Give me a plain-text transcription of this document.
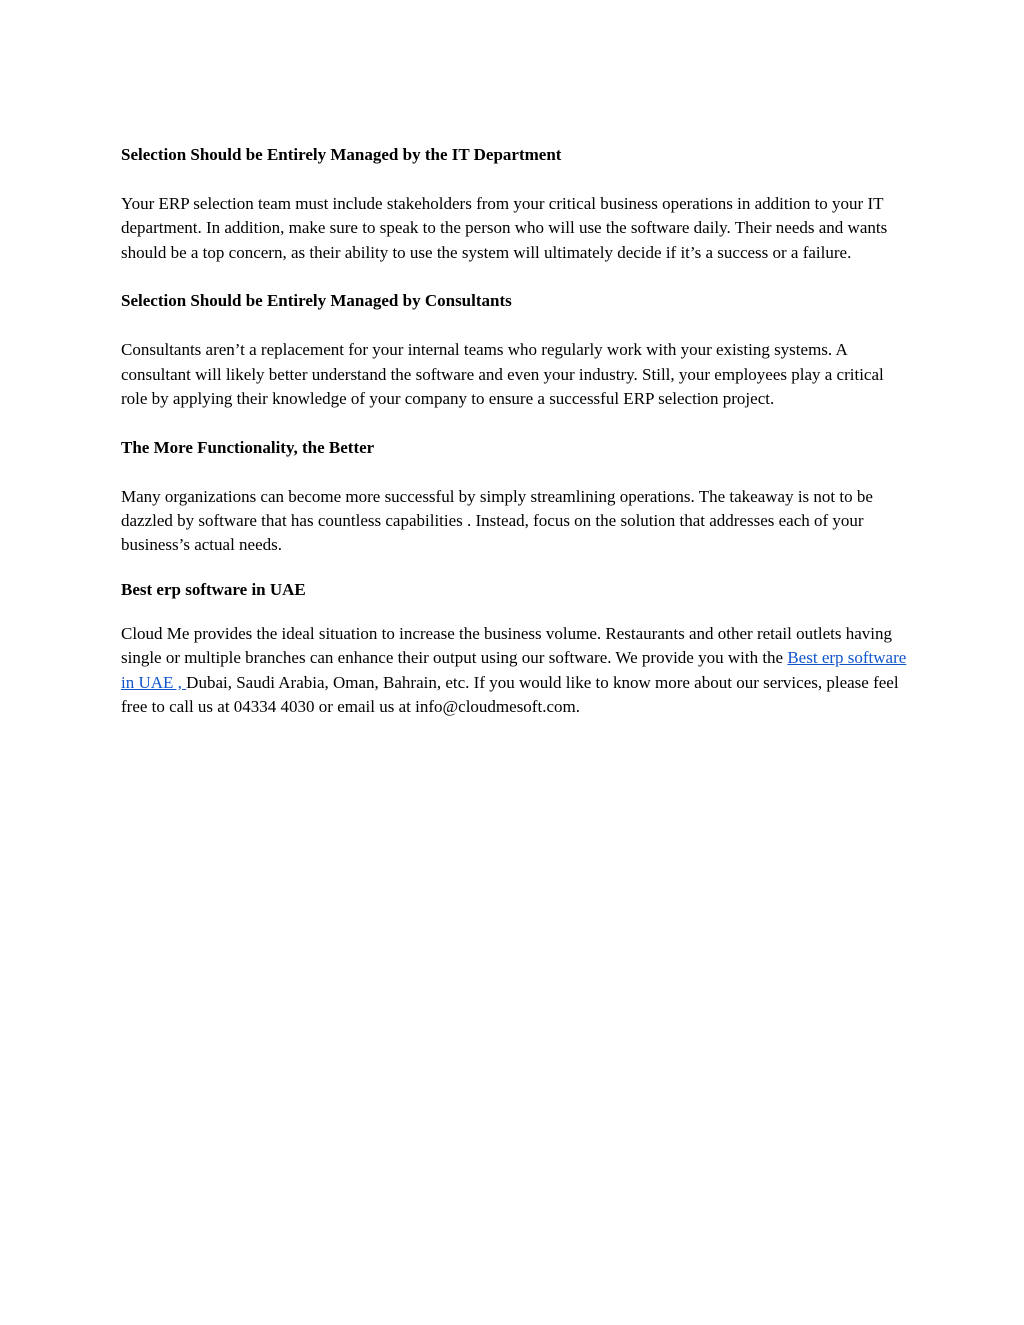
Selection Should be Entirely Managed by the IT Department

Your ERP selection team must include stakeholders from your critical business operations in addition to your IT department. In addition, make sure to speak to the person who will use the software daily. Their needs and wants should be a top concern, as their ability to use the system will ultimately decide if it’s a success or a failure.

Selection Should be Entirely Managed by Consultants

Consultants aren’t a replacement for your internal teams who regularly work with your existing systems. A consultant will likely better understand the software and even your industry. Still, your employees play a critical role by applying their knowledge of your company to ensure a successful ERP selection project.

The More Functionality, the Better

Many organizations can become more successful by simply streamlining operations. The takeaway is not to be dazzled by software that has countless capabilities . Instead, focus on the solution that addresses each of your business’s actual needs.

Best erp software in UAE

Cloud Me provides the ideal situation to increase the business volume. Restaurants and other retail outlets having single or multiple branches can enhance their output using our software. We provide you with the Best erp software in UAE , Dubai, Saudi Arabia, Oman, Bahrain, etc. If you would like to know more about our services, please feel free to call us at 04334 4030 or email us at info@cloudmesoft.com.
